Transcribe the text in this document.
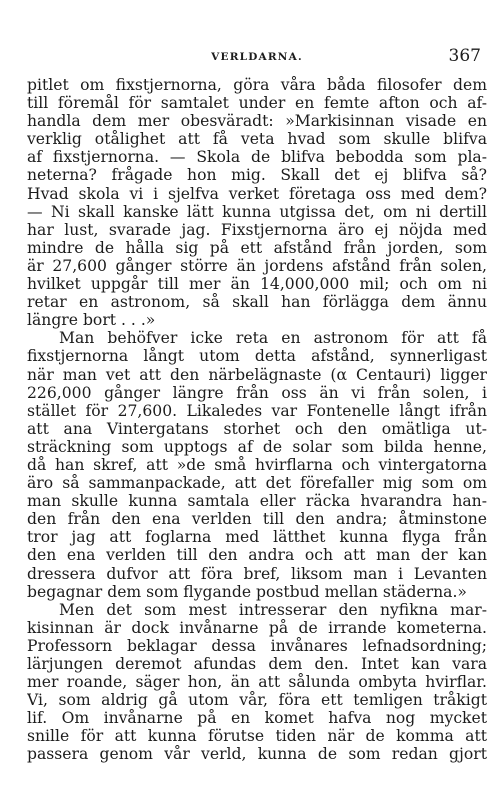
VERLDARNA.	367
pitlet om fixstjernorna, göra våra båda filosofer dem
till föremål för samtalet under en femte afton och af-
handla dem mer obesväradt: »Markisinnan visade en
verklig otålighet att få veta hvad som skulle blifva
af fixstjernorna. — Skola de blifva bebodda som pla-
neterna? frågade hon mig. Skall det ej blifva så?
Hvad skola vi i sjelfva verket företaga oss med dem?
— Ni skall kanske lätt kunna utgissa det, om ni dertill
har lust, svarade jag. Fixstjernorna äro ej nöjda med
mindre de hålla sig på ett afstånd från jorden, som
är 27,600 gånger större än jordens afstånd från solen,
hvilket uppgår till mer än 14,000,000 mil; och om ni
retar en astronom, så skall han förlägga dem ännu
längre bort . . .»
Man behöfver icke reta en astronom för att få
fixstjernorna långt utom detta afstånd, synnerligast
när man vet att den närbelägnaste (α Centauri) ligger
226,000 gånger längre från oss än vi från solen, i
stället för 27,600. Likaledes var Fontenelle långt ifrån
att ana Vintergatans storhet och den omätliga ut-
sträckning som upptogs af de solar som bilda henne,
då han skref, att »de små hvirflarna och vintergatorna
äro så sammanpackade, att det förefaller mig som om
man skulle kunna samtala eller räcka hvarandra han-
den från den ena verlden till den andra; åtminstone
tror jag att foglarna med lätthet kunna flyga från
den ena verlden till den andra och att man der kan
dressera dufvor att föra bref, liksom man i Levanten
begagnar dem som flygande postbud mellan städerna.»
Men det som mest intresserar den nyfikna mar-
kisinnan är dock invånarne på de irrande kometerna.
Professorn beklagar dessa invånares lefnadsordning;
lärjungen deremot afundas dem den. Intet kan vara
mer roande, säger hon, än att sålunda ombyta hvirflar.
Vi, som aldrig gå utom vår, föra ett temligen tråkigt
lif. Om invånarne på en komet hafva nog mycket
snille för att kunna förutse tiden när de komma att
passera genom vår verld, kunna de som redan gjort
